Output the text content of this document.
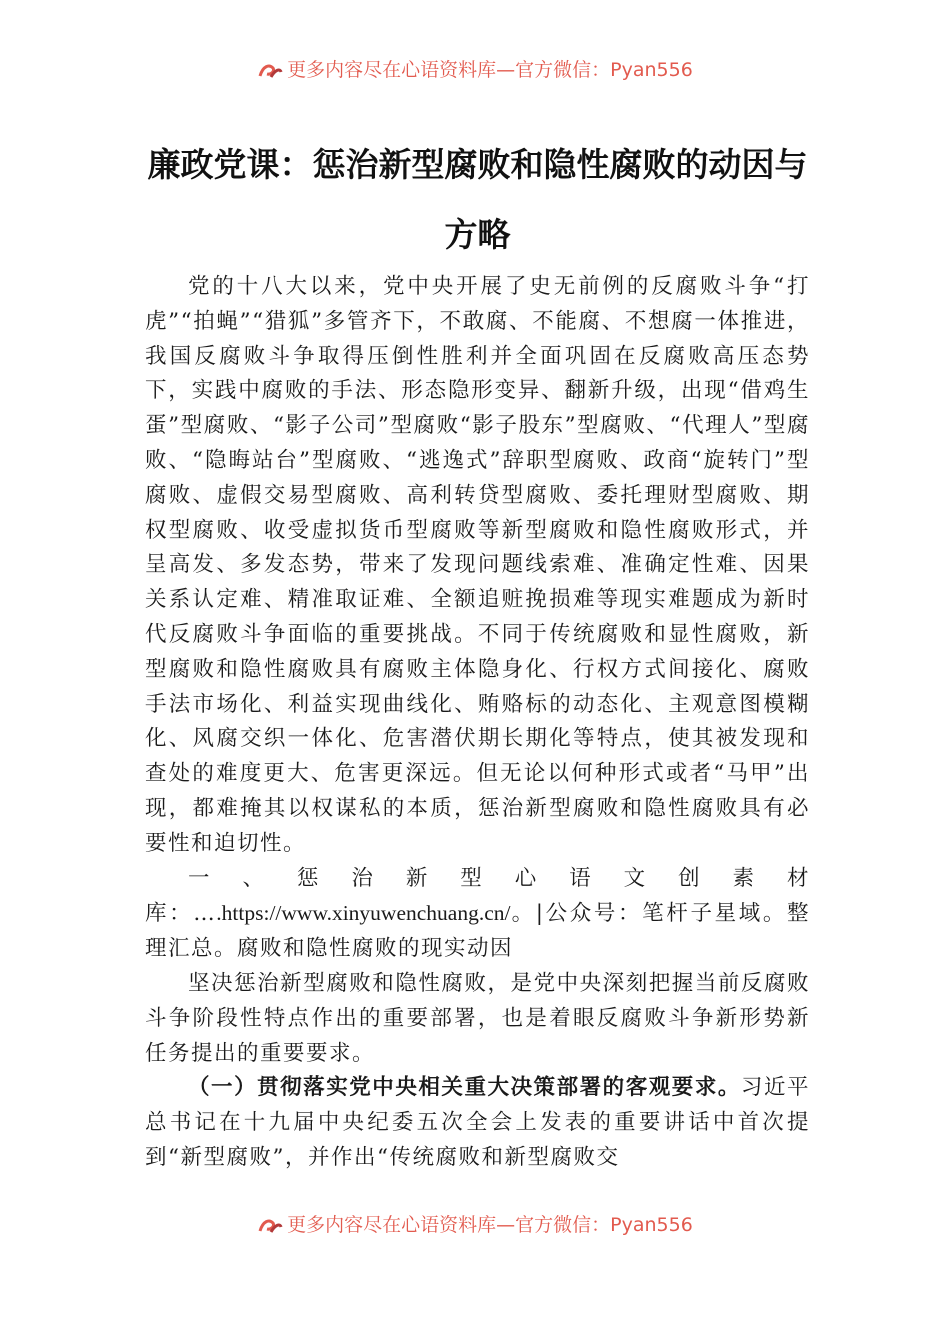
更多内容尽在心语资料库—官方微信：Pyan556
廉政党课：惩治新型腐败和隐性腐败的动因与方略

党的十八大以来，党中央开展了史无前例的反腐败斗争“打虎”“拍蝇”“猎狐”多管齐下，不敢腐、不能腐、不想腐一体推进，我国反腐败斗争取得压倒性胜利并全面巩固在反腐败高压态势下，实践中腐败的手法、形态隐形变异、翻新升级，出现“借鸡生蛋”型腐败、“影子公司”型腐败“影子股东”型腐败、“代理人”型腐败、“隐晦站台”型腐败、“逃逸式”辞职型腐败、政商“旋转门”型腐败、虚假交易型腐败、高利转贷型腐败、委托理财型腐败、期权型腐败、收受虚拟货币型腐败等新型腐败和隐性腐败形式，并呈高发、多发态势，带来了发现问题线索难、准确定性难、因果关系认定难、精准取证难、全额追赃挽损难等现实难题成为新时代反腐败斗争面临的重要挑战。不同于传统腐败和显性腐败，新型腐败和隐性腐败具有腐败主体隐身化、行权方式间接化、腐败手法市场化、利益实现曲线化、贿赂标的动态化、主观意图模糊化、风腐交织一体化、危害潜伏期长期化等特点，使其被发现和查处的难度更大、危害更深远。但无论以何种形式或者“马甲”出现，都难掩其以权谋私的本质，惩治新型腐败和隐性腐败具有必要性和迫切性。

一、惩治新型心语文创素材库：….https://www.xinyuwenchuang.cn/。|公众号：笔杆子星域。整理汇总。腐败和隐性腐败的现实动因

坚决惩治新型腐败和隐性腐败，是党中央深刻把握当前反腐败斗争阶段性特点作出的重要部署，也是着眼反腐败斗争新形势新任务提出的重要要求。

（一）贯彻落实党中央相关重大决策部署的客观要求。习近平总书记在十九届中央纪委五次全会上发表的重要讲话中首次提到“新型腐败”，并作出“传统腐败和新型腐败交

更多内容尽在心语资料库—官方微信：Pyan556
